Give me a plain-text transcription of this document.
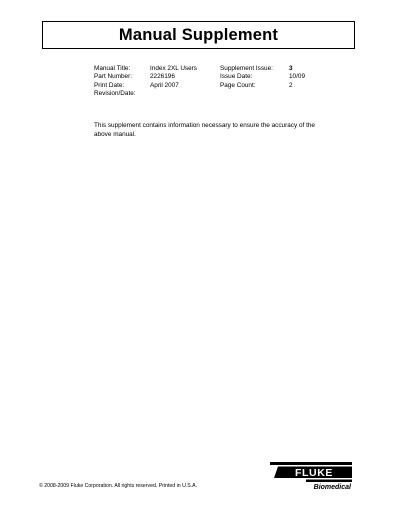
Manual Supplement
Manual Title:
Part Number:
Print Date:
Revision/Date:
Index 2XL Users
2226196
April 2007
Supplement Issue:
Issue Date:
Page Count:
3
10/09
2
This supplement contains information necessary to ensure the accuracy of the above manual.
© 2008-2009 Fluke Corporation. All rights reserved. Printed in U.S.A.
FLUKE
Biomedical
